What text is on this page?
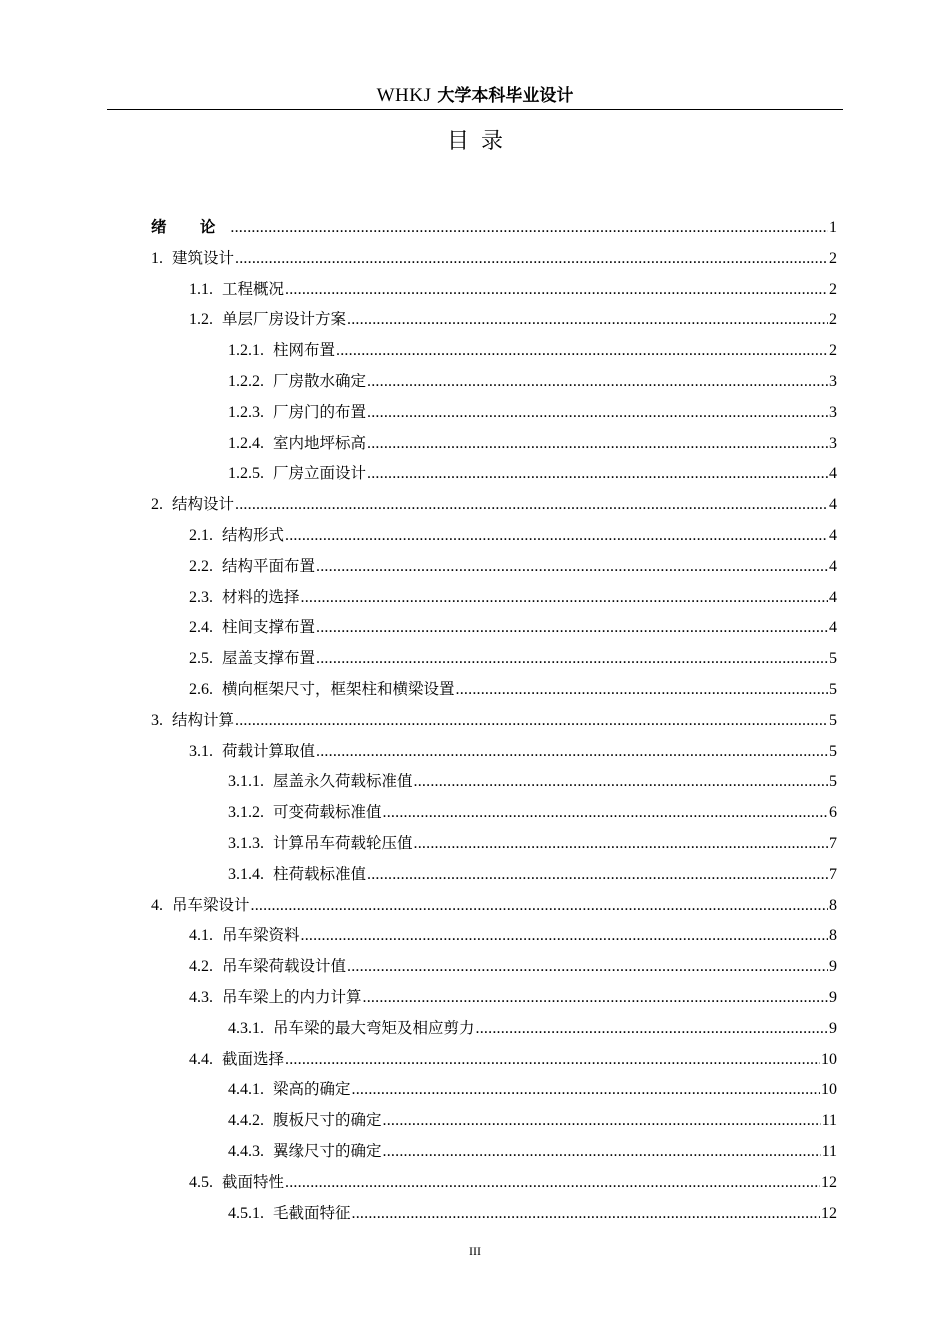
WHKJ 大学本科毕业设计
目录
绪 论 .....	1
1. 建筑设计 .....	2
1.1. 工程概况 .....	2
1.2. 单层厂房设计方案 .....	2
1.2.1. 柱网布置 .....	2
1.2.2. 厂房散水确定 .....	3
1.2.3. 厂房门的布置 .....	3
1.2.4. 室内地坪标高 .....	3
1.2.5. 厂房立面设计 .....	4
2. 结构设计 .....	4
2.1. 结构形式 .....	4
2.2. 结构平面布置 .....	4
2.3. 材料的选择 .....	4
2.4. 柱间支撑布置 .....	4
2.5. 屋盖支撑布置 .....	5
2.6. 横向框架尺寸，框架柱和横梁设置 .....	5
3. 结构计算 .....	5
3.1. 荷载计算取值 .....	5
3.1.1. 屋盖永久荷载标准值 .....	5
3.1.2. 可变荷载标准值 .....	6
3.1.3. 计算吊车荷载轮压值 .....	7
3.1.4. 柱荷载标准值 .....	7
4. 吊车梁设计 .....	8
4.1. 吊车梁资料 .....	8
4.2. 吊车梁荷载设计值 .....	9
4.3. 吊车梁上的内力计算 .....	9
4.3.1. 吊车梁的最大弯矩及相应剪力 .....	9
4.4. 截面选择 .....	10
4.4.1. 梁高的确定 .....	10
4.4.2. 腹板尺寸的确定 .....	11
4.4.3. 翼缘尺寸的确定 .....	11
4.5. 截面特性 .....	12
4.5.1. 毛截面特征 .....	12
III
